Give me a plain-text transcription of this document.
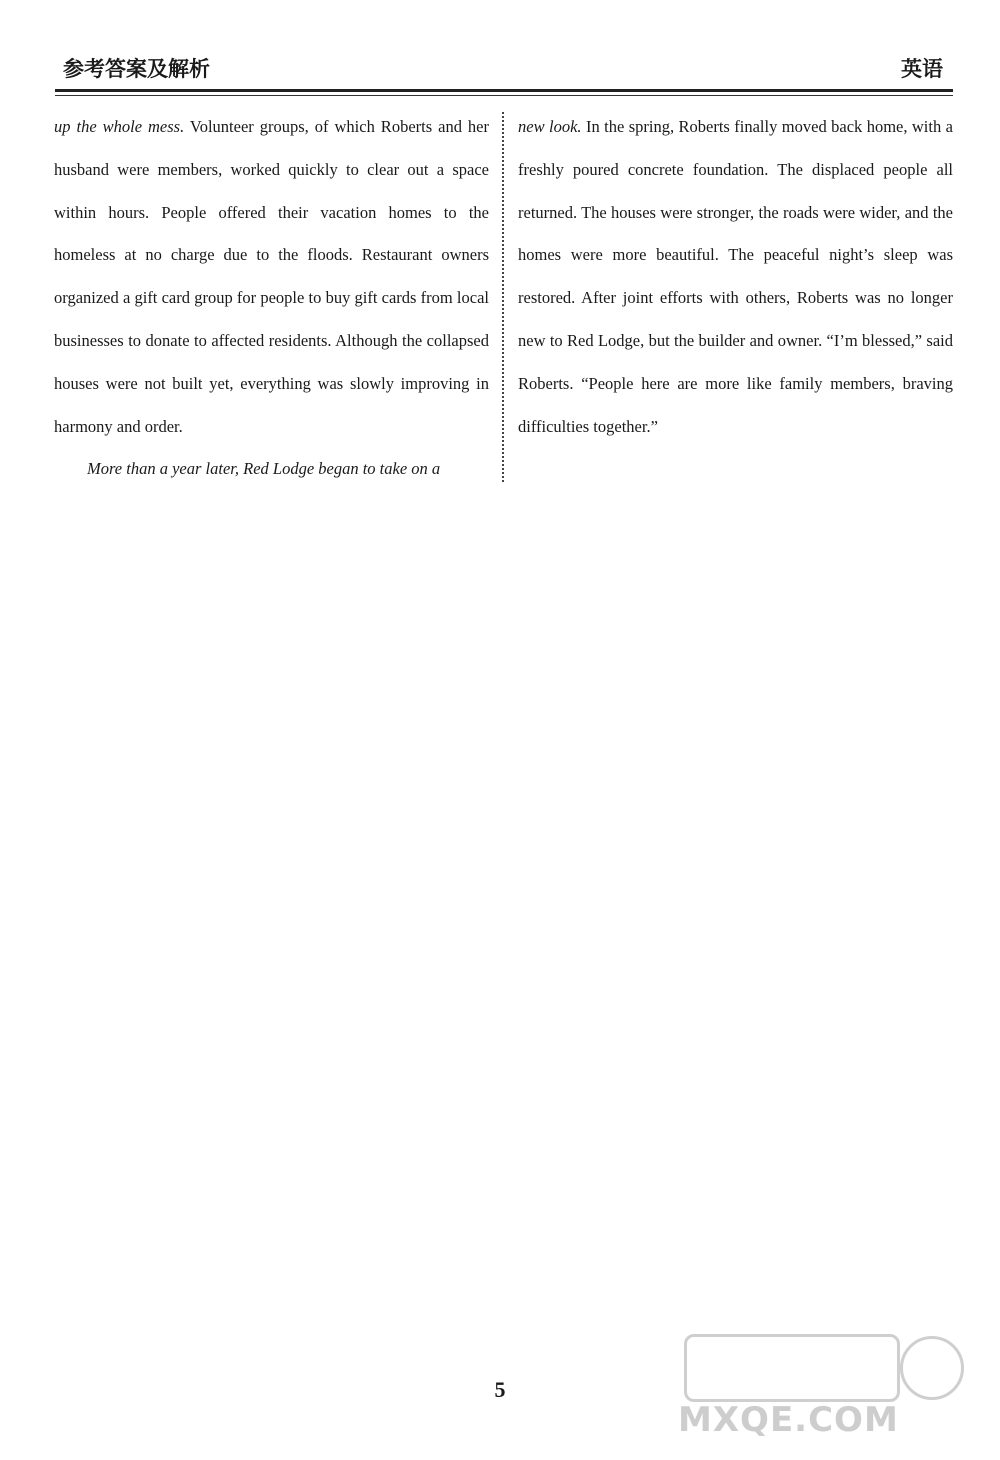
参考答案及解析	英语

up the whole mess. Volunteer groups, of which Roberts and her husband were members, worked quickly to clear out a space within hours. People offered their vacation homes to the homeless at no charge due to the floods. Restaurant owners organized a gift card group for people to buy gift cards from local businesses to donate to affected residents. Although the collapsed houses were not built yet, everything was slowly improving in harmony and order.

More than a year later, Red Lodge began to take on a

new look. In the spring, Roberts finally moved back home, with a freshly poured concrete foundation. The displaced people all returned. The houses were stronger, the roads were wider, and the homes were more beautiful. The peaceful night’s sleep was restored. After joint efforts with others, Roberts was no longer new to Red Lodge, but the builder and owner. “I’m blessed,” said Roberts. “People here are more like family members, braving difficulties together.”

5
MXQE.COM
